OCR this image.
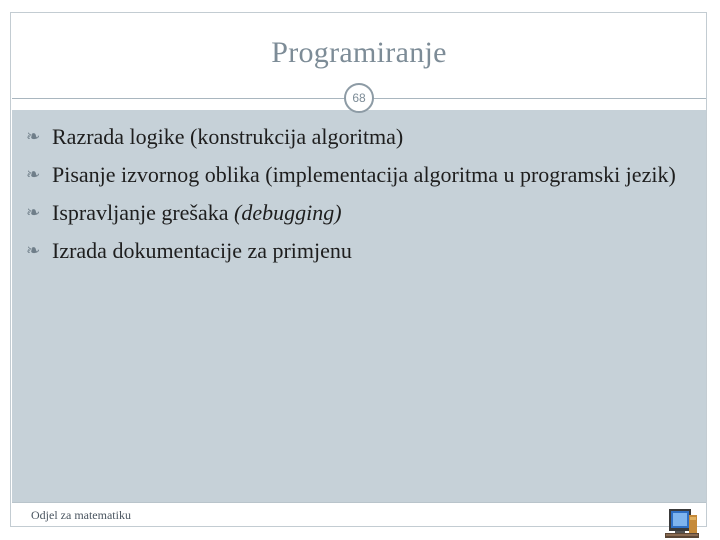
Programiranje
68
❧ Razrada logike (konstrukcija algoritma)
❧ Pisanje izvornog oblika (implementacija algoritma u programski jezik)
❧ Ispravljanje grešaka (debugging)
❧ Izrada dokumentacije za primjenu
Odjel za matematiku
